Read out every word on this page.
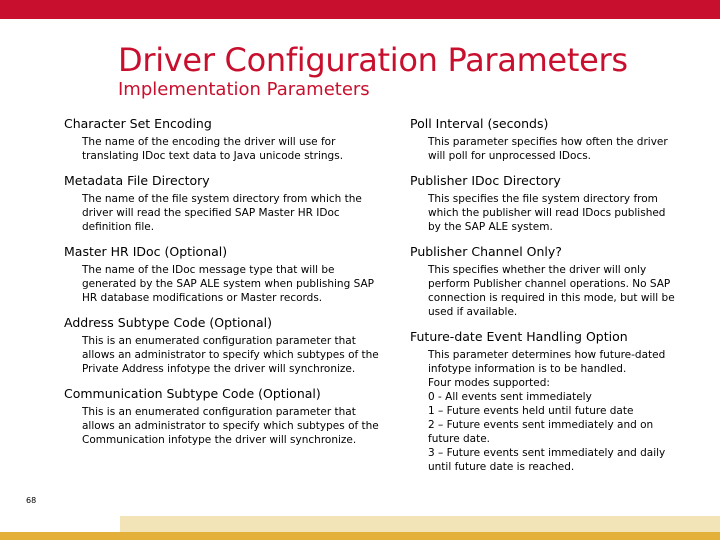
Driver Configuration Parameters
Implementation Parameters
Character Set Encoding
The name of the encoding the driver will use for
translating IDoc text data to Java unicode strings.
Metadata File Directory
The name of the file system directory from which the
driver will read the specified SAP Master HR IDoc
definition file.
Master HR IDoc (Optional)
The name of the IDoc message type that will be
generated by the SAP ALE system when publishing SAP
HR database modifications or Master records.
Address Subtype Code (Optional)
This is an enumerated configuration parameter that
allows an administrator to specify which subtypes of the
Private Address infotype the driver will synchronize.
Communication Subtype Code (Optional)
This is an enumerated configuration parameter that
allows an administrator to specify which subtypes of the
Communication infotype the driver will synchronize.
Poll Interval (seconds)
This parameter specifies how often the driver
will poll for unprocessed IDocs.
Publisher IDoc Directory
This specifies the file system directory from
which the publisher will read IDocs published
by the SAP ALE system.
Publisher Channel Only?
This specifies whether the driver will only
perform Publisher channel operations. No SAP
connection is required in this mode, but will be
used if available.
Future-date Event Handling Option
This parameter determines how future-dated
infotype information is to be handled.
Four modes supported:
0 - All events sent immediately
1 – Future events held until future date
2 – Future events sent immediately and on
future date.
3 – Future events sent immediately and daily
until future date is reached.
68
